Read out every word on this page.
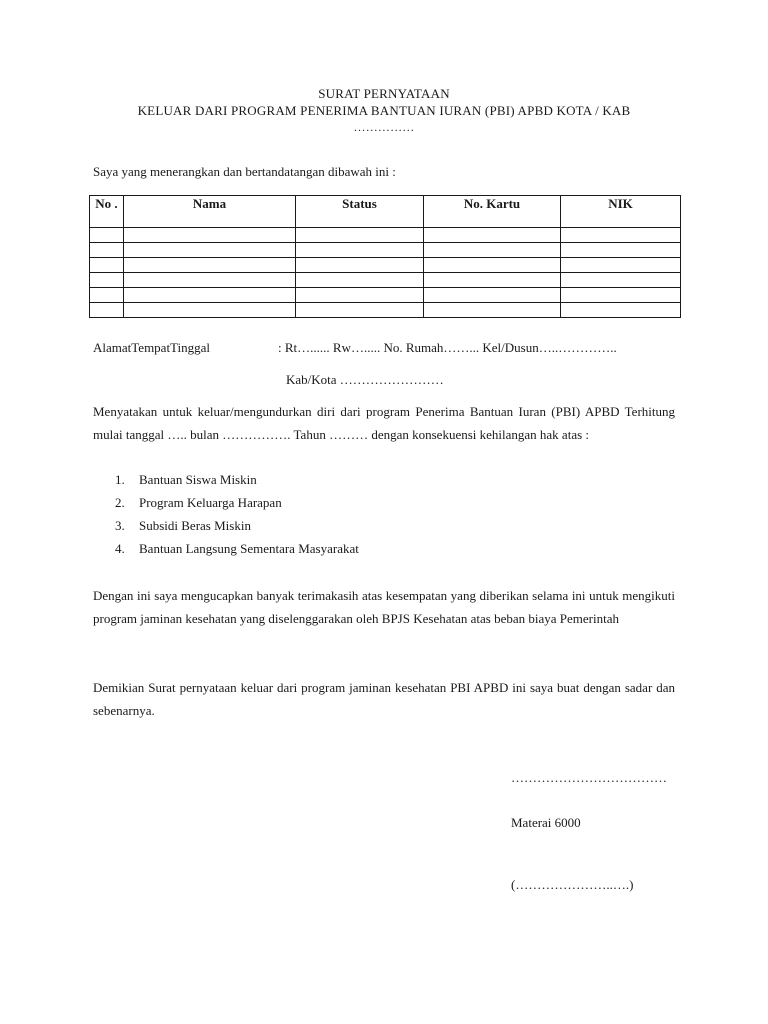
SURAT PERNYATAAN
KELUAR DARI PROGRAM PENERIMA BANTUAN IURAN (PBI) APBD KOTA / KAB
……………
Saya yang menerangkan dan bertandatangan dibawah ini :
No .	Nama	Status	No. Kartu	NIK

AlamatTempatTinggal	: Rt…...... Rw…..... No. Rumah……... Kel/Dusun…..…………..
Kab/Kota ……………………
Menyatakan untuk keluar/mengundurkan diri dari program Penerima Bantuan Iuran (PBI) APBD Terhitung mulai tanggal ….. bulan ……………. Tahun ……… dengan konsekuensi kehilangan hak atas :
1. Bantuan Siswa Miskin
2. Program Keluarga Harapan
3. Subsidi Beras Miskin
4. Bantuan Langsung Sementara Masyarakat
Dengan ini saya mengucapkan banyak terimakasih atas kesempatan yang diberikan selama ini untuk mengikuti program jaminan kesehatan yang diselenggarakan oleh BPJS Kesehatan atas beban biaya Pemerintah
Demikian Surat pernyataan keluar dari program jaminan kesehatan PBI APBD ini saya buat dengan sadar dan sebenarnya.
………………………………
Materai 6000
(…………………..….)
